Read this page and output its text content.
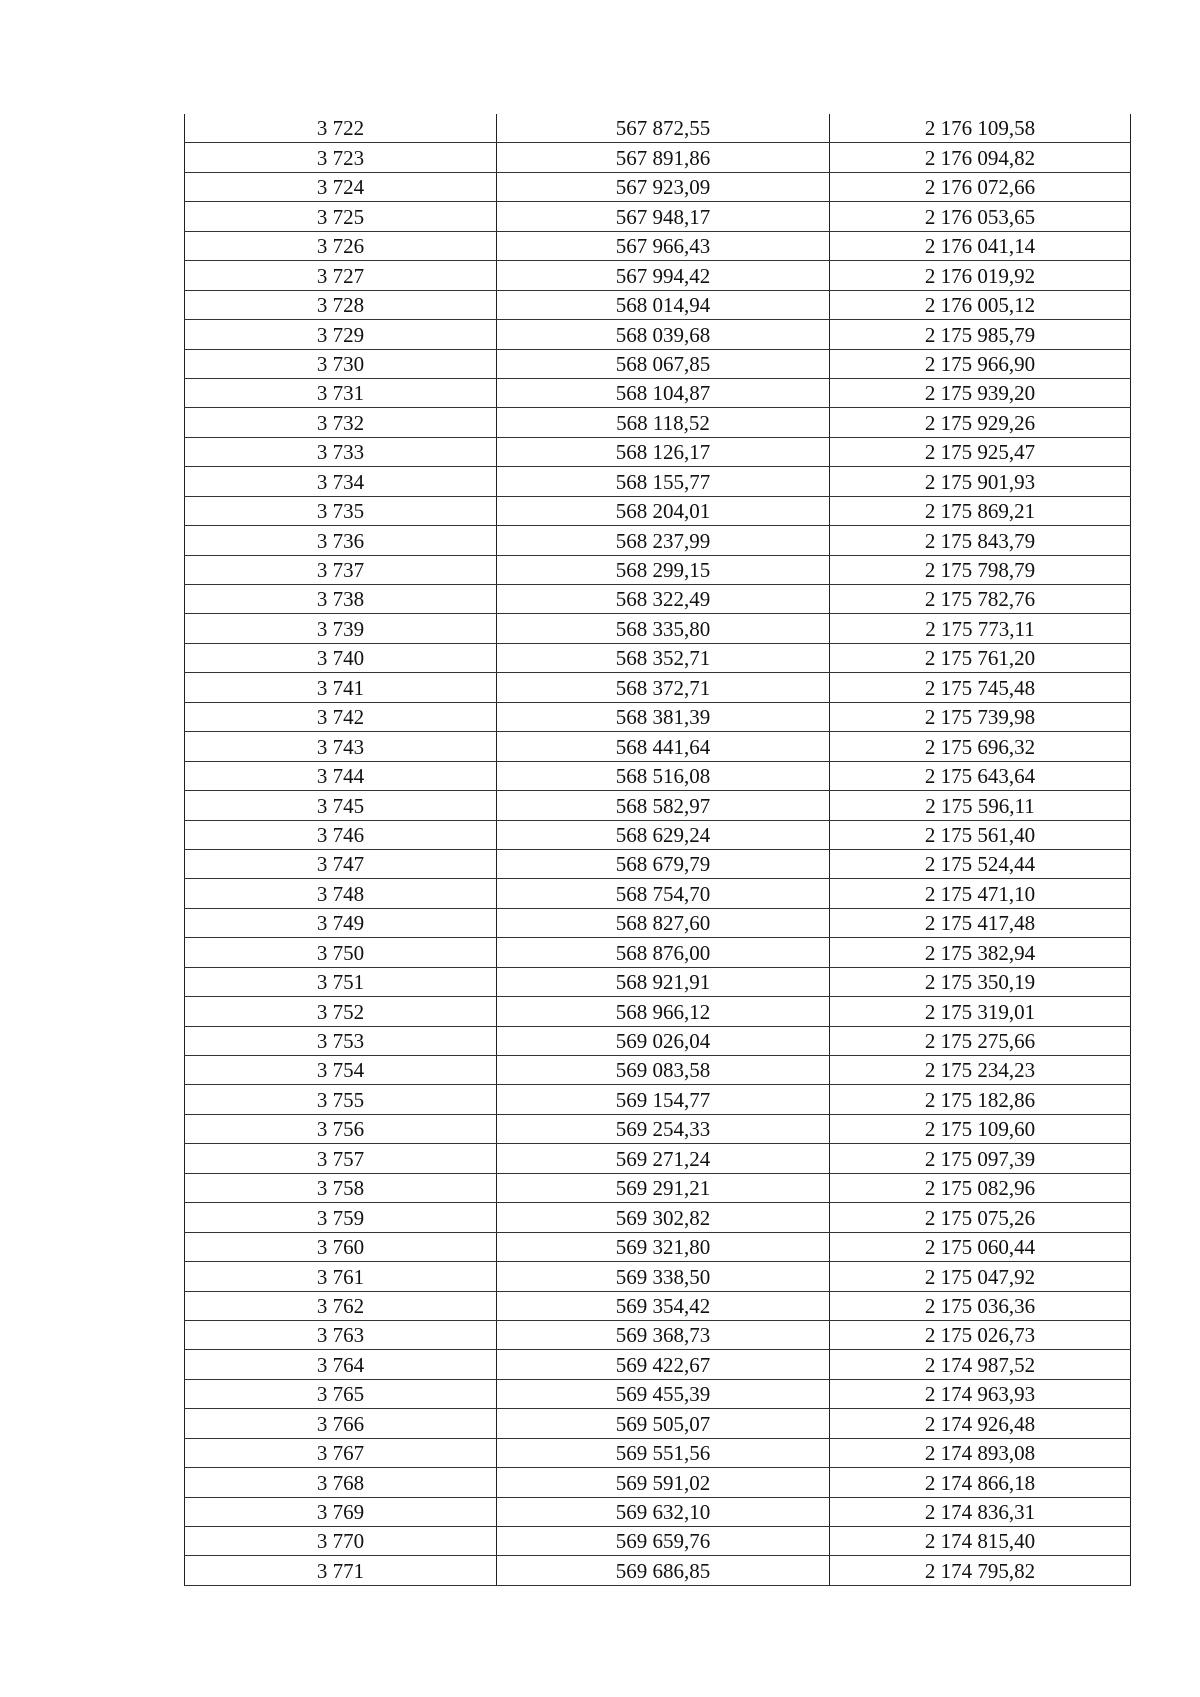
3 722	567 872,55	2 176 109,58
3 723	567 891,86	2 176 094,82
3 724	567 923,09	2 176 072,66
3 725	567 948,17	2 176 053,65
3 726	567 966,43	2 176 041,14
3 727	567 994,42	2 176 019,92
3 728	568 014,94	2 176 005,12
3 729	568 039,68	2 175 985,79
3 730	568 067,85	2 175 966,90
3 731	568 104,87	2 175 939,20
3 732	568 118,52	2 175 929,26
3 733	568 126,17	2 175 925,47
3 734	568 155,77	2 175 901,93
3 735	568 204,01	2 175 869,21
3 736	568 237,99	2 175 843,79
3 737	568 299,15	2 175 798,79
3 738	568 322,49	2 175 782,76
3 739	568 335,80	2 175 773,11
3 740	568 352,71	2 175 761,20
3 741	568 372,71	2 175 745,48
3 742	568 381,39	2 175 739,98
3 743	568 441,64	2 175 696,32
3 744	568 516,08	2 175 643,64
3 745	568 582,97	2 175 596,11
3 746	568 629,24	2 175 561,40
3 747	568 679,79	2 175 524,44
3 748	568 754,70	2 175 471,10
3 749	568 827,60	2 175 417,48
3 750	568 876,00	2 175 382,94
3 751	568 921,91	2 175 350,19
3 752	568 966,12	2 175 319,01
3 753	569 026,04	2 175 275,66
3 754	569 083,58	2 175 234,23
3 755	569 154,77	2 175 182,86
3 756	569 254,33	2 175 109,60
3 757	569 271,24	2 175 097,39
3 758	569 291,21	2 175 082,96
3 759	569 302,82	2 175 075,26
3 760	569 321,80	2 175 060,44
3 761	569 338,50	2 175 047,92
3 762	569 354,42	2 175 036,36
3 763	569 368,73	2 175 026,73
3 764	569 422,67	2 174 987,52
3 765	569 455,39	2 174 963,93
3 766	569 505,07	2 174 926,48
3 767	569 551,56	2 174 893,08
3 768	569 591,02	2 174 866,18
3 769	569 632,10	2 174 836,31
3 770	569 659,76	2 174 815,40
3 771	569 686,85	2 174 795,82
